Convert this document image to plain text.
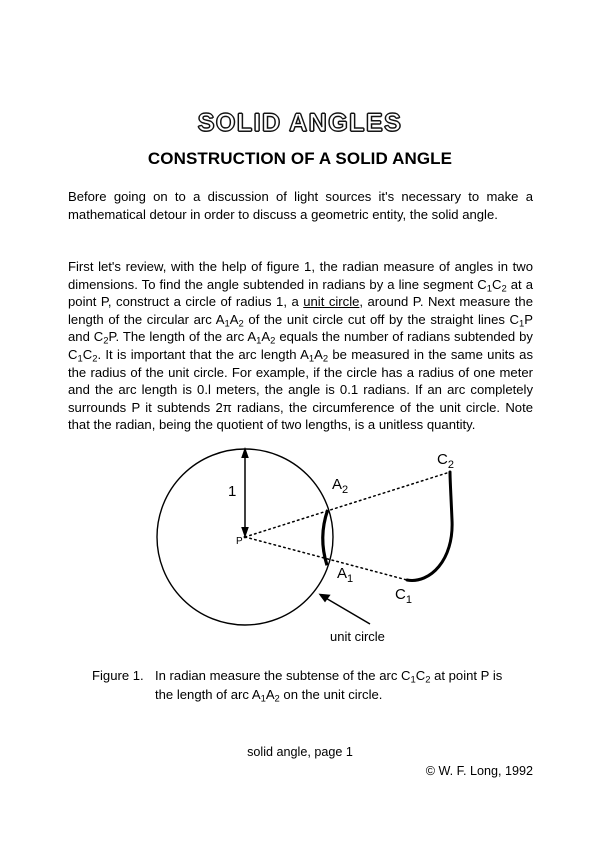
SOLID ANGLES
CONSTRUCTION OF A SOLID ANGLE

Before going on to a discussion of light sources it's necessary to make a mathematical detour in order to discuss a geometric entity, the solid angle.

First let's review, with the help of figure 1, the radian measure of angles in two dimensions. To find the angle subtended in radians by a line segment $C_1C_2$ at a point P, construct a circle of radius 1, a unit circle, around P. Next measure the length of the circular arc $A_1A_2$ of the unit circle cut off by the straight lines $C_1P$ and $C_2P$. The length of the arc $A_1A_2$ equals the number of radians subtended by $C_1C_2$. It is important that the arc length $A_1A_2$ be measured in the same units as the radius of the unit circle. For example, if the circle has a radius of one meter and the arc length is 0.l meters, the angle is 0.1 radians. If an arc completely surrounds P it subtends 2π radians, the circumference of the unit circle. Note that the radian, being the quotient of two lengths, is a unitless quantity.

1
P
$A_2$
$A_1$
$C_2$
$C_1$
unit circle
Figure 1. In radian measure the subtense of the arc $C_1C_2$ at point P is the length of arc $A_1A_2$ on the unit circle.
solid angle, page 1
© W. F. Long, 1992
